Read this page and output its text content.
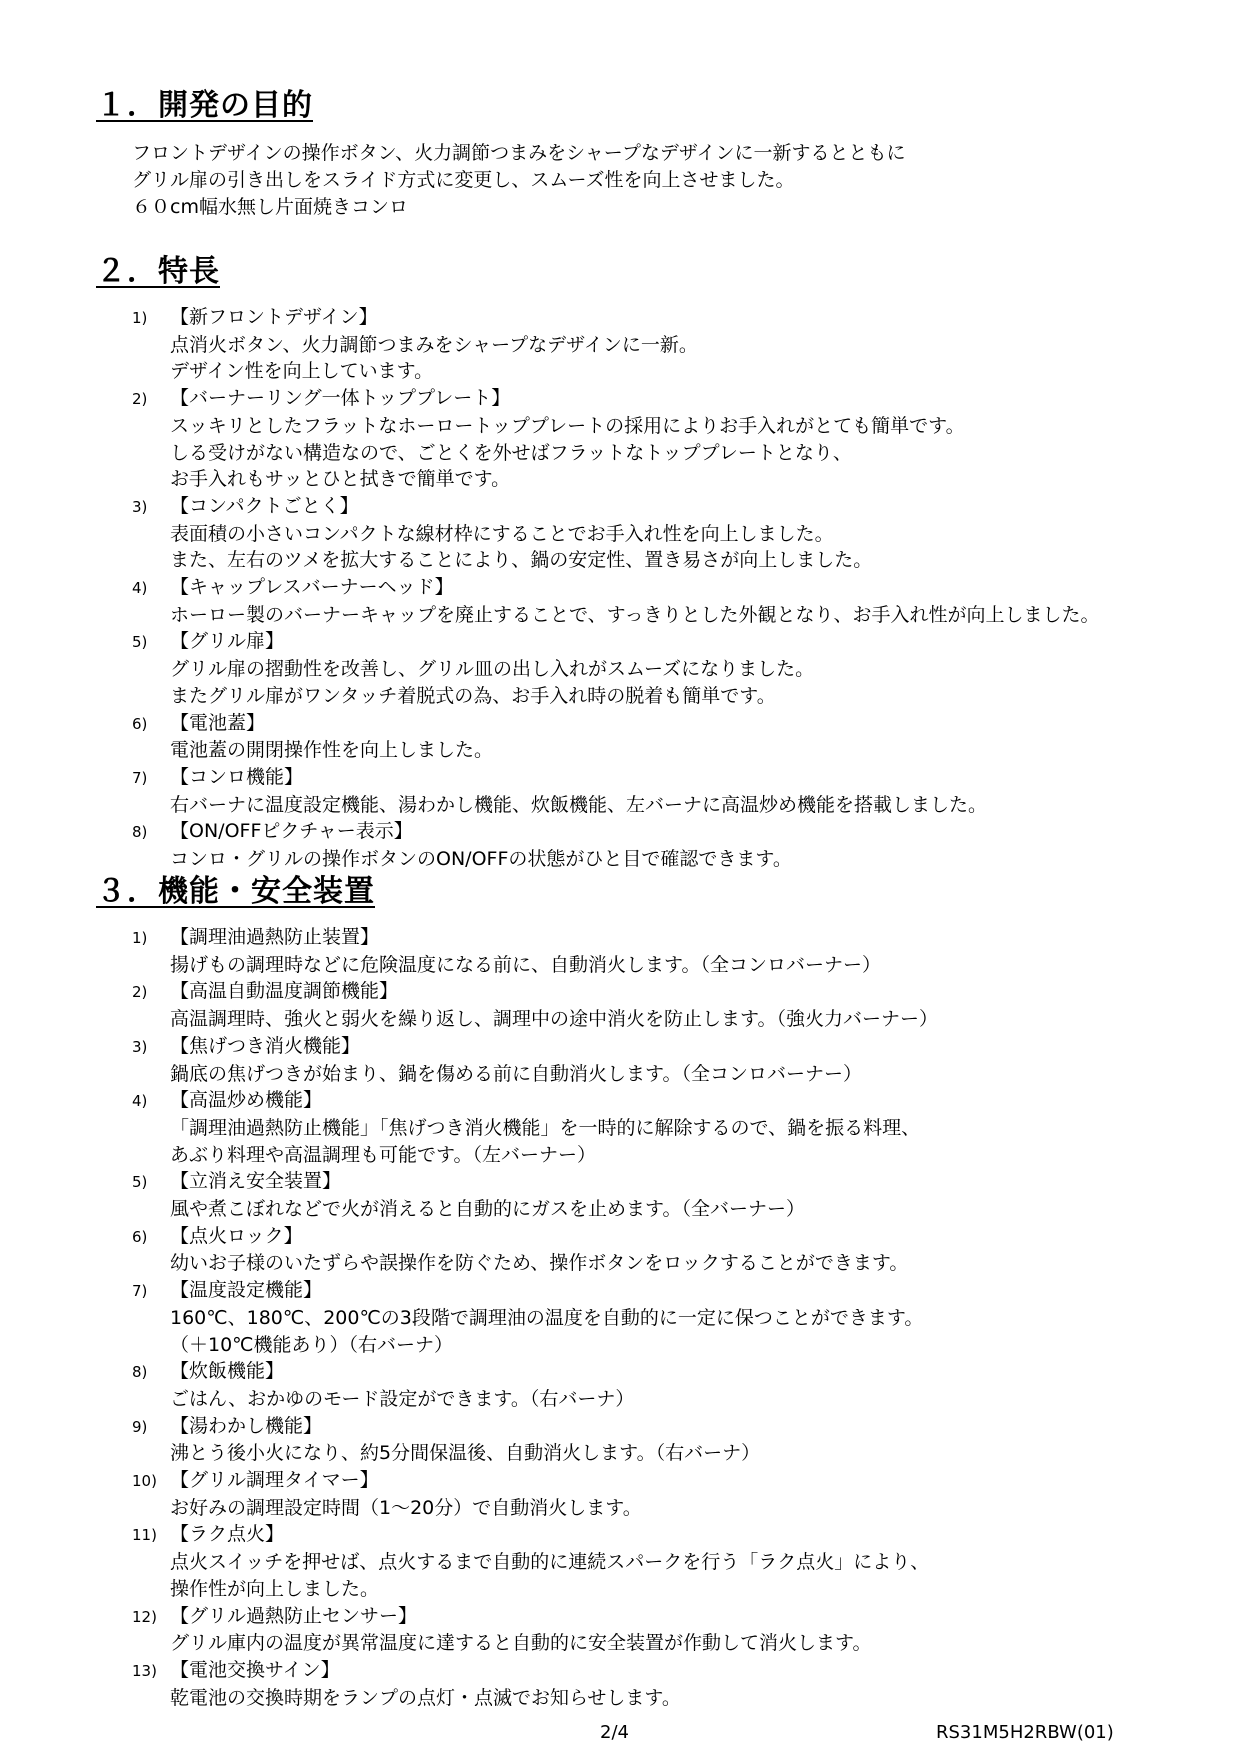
１．開発の目的
フロントデザインの操作ボタン、火力調節つまみをシャープなデザインに一新するとともに
グリル扉の引き出しをスライド方式に変更し、スムーズ性を向上させました。
６０cm幅水無し片面焼きコンロ
２．特長
1)	【新フロントデザイン】
点消火ボタン、火力調節つまみをシャープなデザインに一新。
デザイン性を向上しています。
2)	【バーナーリング一体トッププレート】
スッキリとしたフラットなホーロートッププレートの採用によりお手入れがとても簡単です。
しる受けがない構造なので、ごとくを外せばフラットなトッププレートとなり、
お手入れもサッとひと拭きで簡単です。
3)	【コンパクトごとく】
表面積の小さいコンパクトな線材枠にすることでお手入れ性を向上しました。
また、左右のツメを拡大することにより、鍋の安定性、置き易さが向上しました。
4)	【キャップレスバーナーヘッド】
ホーロー製のバーナーキャップを廃止することで、すっきりとした外観となり、お手入れ性が向上しました。
5)	【グリル扉】
グリル扉の摺動性を改善し、グリル皿の出し入れがスムーズになりました。
またグリル扉がワンタッチ着脱式の為、お手入れ時の脱着も簡単です。
6)	【電池蓋】
電池蓋の開閉操作性を向上しました。
7)	【コンロ機能】
右バーナに温度設定機能、湯わかし機能、炊飯機能、左バーナに高温炒め機能を搭載しました。
8)	【ON/OFFピクチャー表示】
コンロ・グリルの操作ボタンのON/OFFの状態がひと目で確認できます。
３．機能・安全装置
1)	【調理油過熱防止装置】
揚げもの調理時などに危険温度になる前に、自動消火します。（全コンロバーナー）
2)	【高温自動温度調節機能】
高温調理時、強火と弱火を繰り返し、調理中の途中消火を防止します。（強火力バーナー）
3)	【焦げつき消火機能】
鍋底の焦げつきが始まり、鍋を傷める前に自動消火します。（全コンロバーナー）
4)	【高温炒め機能】
「調理油過熱防止機能」「焦げつき消火機能」を一時的に解除するので、鍋を振る料理、
あぶり料理や高温調理も可能です。（左バーナー）
5)	【立消え安全装置】
風や煮こぼれなどで火が消えると自動的にガスを止めます。（全バーナー）
6)	【点火ロック】
幼いお子様のいたずらや誤操作を防ぐため、操作ボタンをロックすることができます。
7)	【温度設定機能】
160℃、180℃、200℃の3段階で調理油の温度を自動的に一定に保つことができます。
（＋10℃機能あり）（右バーナ）
8)	【炊飯機能】
ごはん、おかゆのモード設定ができます。（右バーナ）
9)	【湯わかし機能】
沸とう後小火になり、約5分間保温後、自動消火します。（右バーナ）
10) 【グリル調理タイマー】
お好みの調理設定時間（1～20分）で自動消火します。
11) 【ラク点火】
点火スイッチを押せば、点火するまで自動的に連続スパークを行う「ラク点火」により、
操作性が向上しました。
12) 【グリル過熱防止センサー】
グリル庫内の温度が異常温度に達すると自動的に安全装置が作動して消火します。
13) 【電池交換サイン】
乾電池の交換時期をランプの点灯・点滅でお知らせします。
2/4	RS31M5H2RBW(01)
